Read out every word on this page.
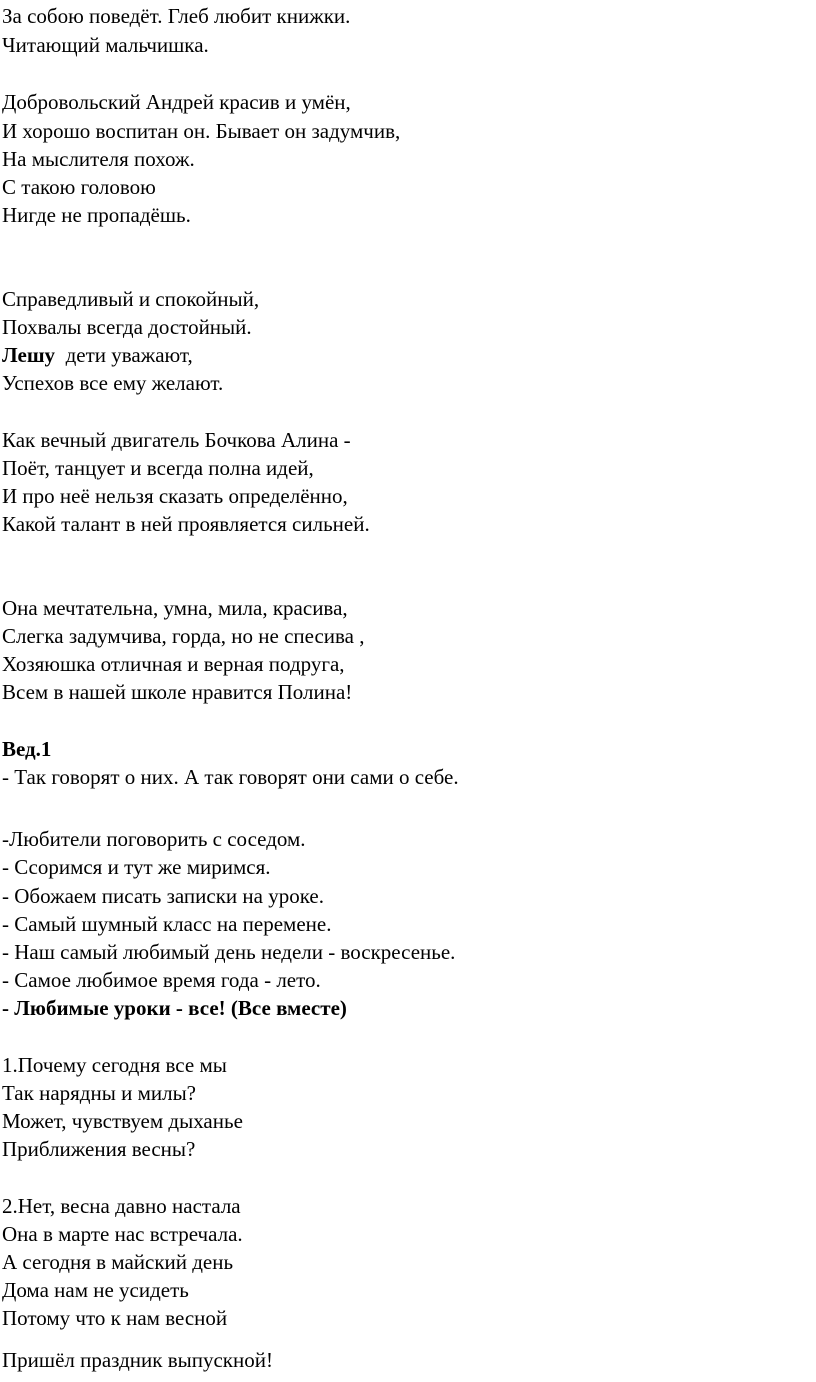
За собою поведёт. Глеб любит книжки.
Читающий мальчишка.
Добровольский Андрей красив и умён,
И хорошо воспитан он. Бывает он задумчив,
На мыслителя похож.
С такою головою
Нигде не пропадёшь.
Справедливый и спокойный,
Похвалы всегда достойный.
Лешу  дети уважают,
Успехов все ему желают.
Как вечный двигатель Бочкова Алина -
Поёт, танцует и всегда полна идей,
И про неё нельзя сказать определённо,
Какой талант в ней проявляется сильней.
Она мечтательна, умна, мила, красива,
Слегка задумчива, горда, но не спесива ,
Хозяюшка отличная и верная подруга,
Всем в нашей школе нравится Полина!
Вед.1
- Так говорят о них. А так говорят они сами о себе.
-Любители поговорить с соседом.
- Ссоримся и тут же миримся.
- Обожаем писать записки на уроке.
- Самый шумный класс на перемене.
- Наш самый любимый день недели - воскресенье.
- Самое любимое время года - лето.
- Любимые уроки - все! (Все вместе)
1.Почему сегодня все мы
Так нарядны и милы?
Может, чувствуем дыханье
Приближения весны?
2.Нет, весна давно настала
Она в марте нас встречала.
А сегодня в майский день
Дома нам не усидеть
Потому что к нам весной
Пришёл праздник выпускной!
